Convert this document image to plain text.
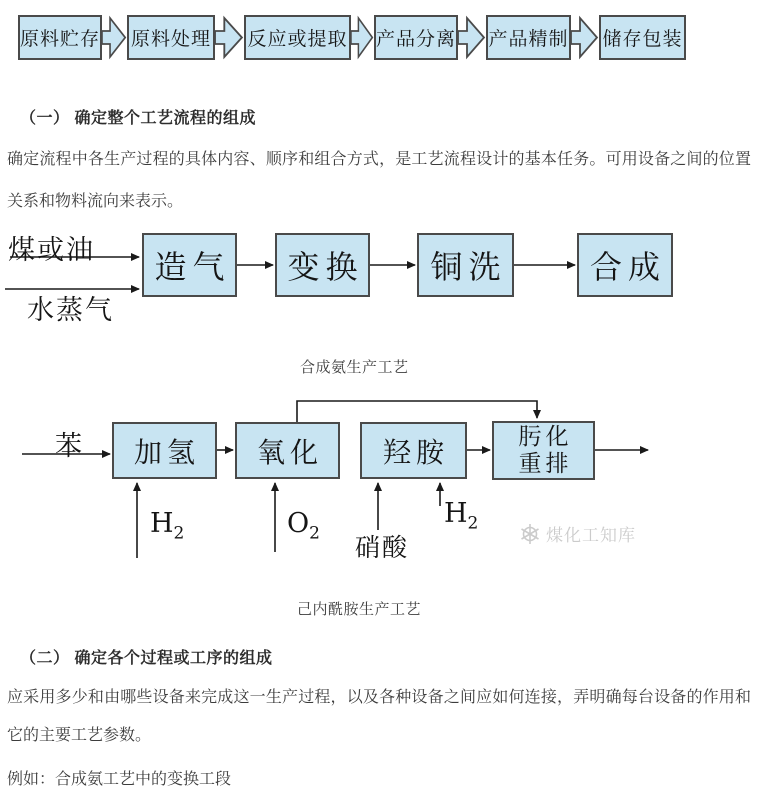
原料贮存 原料处理 反应或提取 产品分离 产品精制 储存包装
（一） 确定整个工艺流程的组成
确定流程中各生产过程的具体内容、顺序和组合方式，是工艺流程设计的基本任务。可用设备之间的位置关系和物料流向来表示。
煤或油
水蒸气
造气	变换	铜洗	合成
合成氨生产工艺
苯	加氢	氧化	羟胺	肟化
重排
$H_2$	$O_2$ 硝酸
$H_2$
煤化工知库
己内酰胺生产工艺
（二） 确定各个过程或工序的组成
应采用多少和由哪些设备来完成这一生产过程，以及各种设备之间应如何连接，弄明确每台设备的作用和它的主要工艺参数。
例如：合成氨工艺中的变换工段
